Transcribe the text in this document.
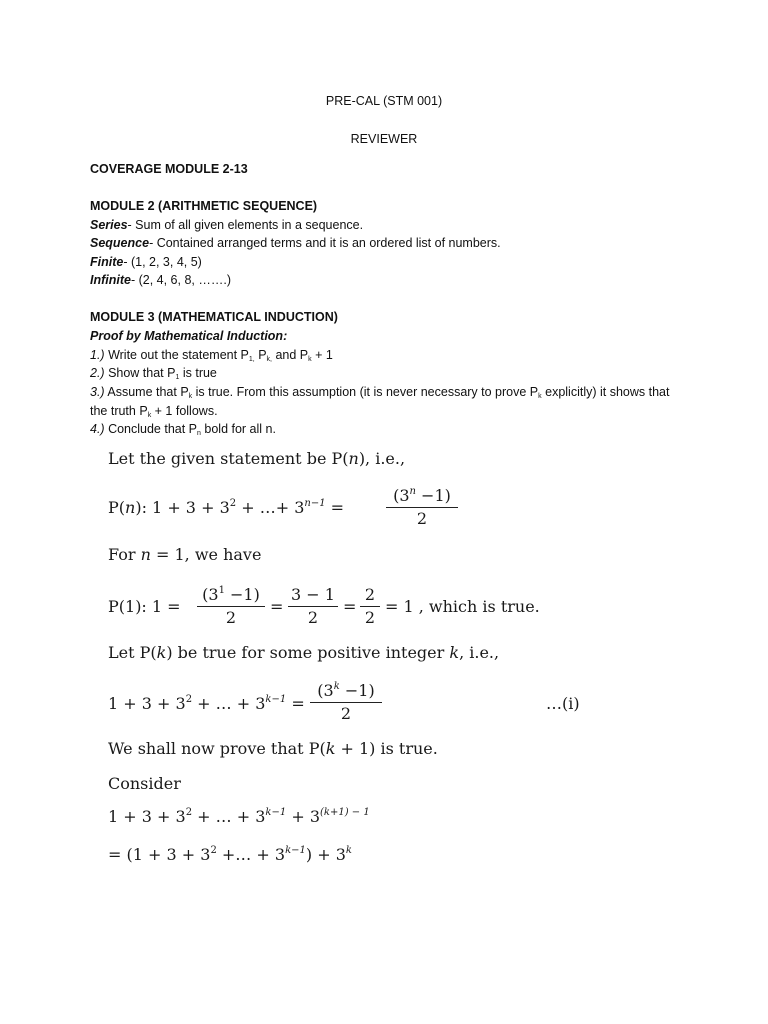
PRE-CAL (STM 001)
REVIEWER
COVERAGE MODULE 2-13
MODULE 2 (ARITHMETIC SEQUENCE)
Series- Sum of all given elements in a sequence.
Sequence- Contained arranged terms and it is an ordered list of numbers.
Finite- (1, 2, 3, 4, 5)
Infinite- (2, 4, 6, 8, …….)
MODULE 3 (MATHEMATICAL INDUCTION)
Proof by Mathematical Induction:
1.) Write out the statement $P_{1,}$ $P_{k,}$ and $P_k + 1$
2.) Show that $P_1$ is true
3.) Assume that $P_k$ is true. From this assumption (it is never necessary to prove $P_k$ explicitly) it shows that
the truth $P_k + 1$ follows.
4.) Conclude that $P_n$ bold for all n.
Let the given statement be P(n), i.e.,
P(n): $1 + 3 + 3^2$ + …+ $3^{n-1}$ =	$\frac{(3^n -1)}{2}$
For n = 1, we have
P(1): $1 = \frac{(3^1 -1)}{2} = \frac{3 - 1}{2} = \frac{2}{2} = 1$ , which is true.
Let P(k) be true for some positive integer k, i.e.,
$1 + 3 + 3^2$ + … + $3^{k-1} = \frac{(3^k -1)}{2}$	…(i)
We shall now prove that P(k + 1) is true.
Consider
$1 + 3 + 3^2$ + … + $3^{k-1} + 3^{(k+1) - 1}$
= ($1 + 3 + 3^2$ +… + $3^{k-1}) + 3^k$
